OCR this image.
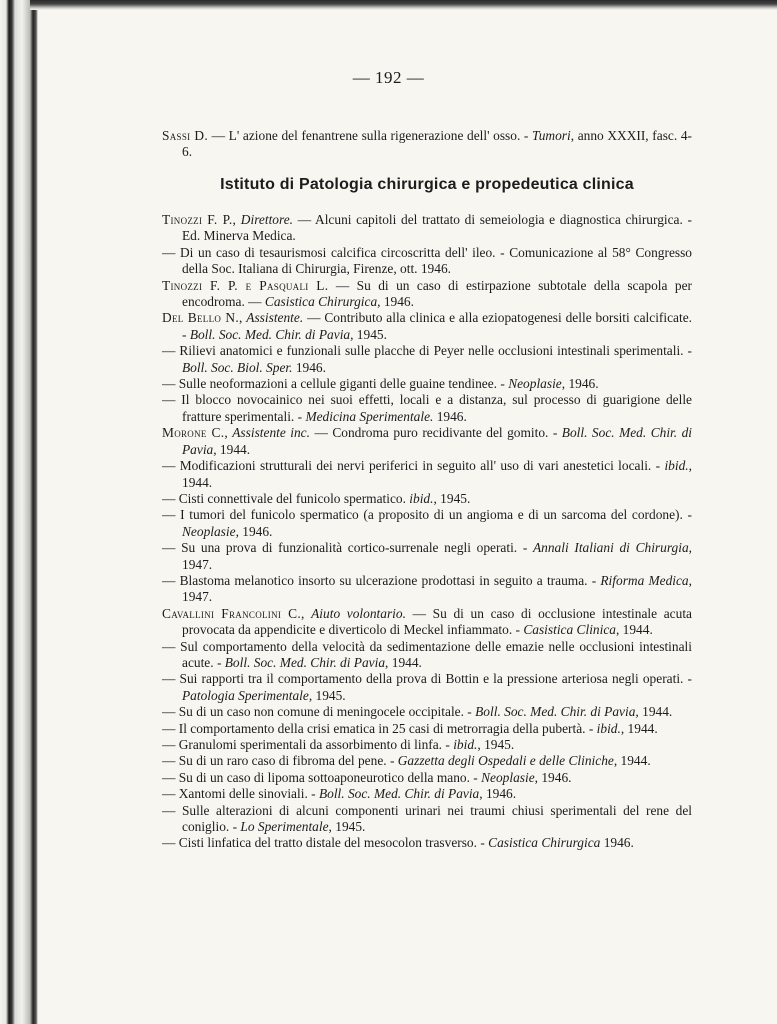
— 192 —

Sassi D. — L' azione del fenantrene sulla rigenerazione dell' osso. - Tumori, anno XXXII, fasc. 4-6.

Istituto di Patologia chirurgica e propedeutica clinica

Tinozzi F. P., Direttore. — Alcuni capitoli del trattato di semeiologia e diagnostica chirurgica. - Ed. Minerva Medica.

— Di un caso di tesaurismosi calcifica circoscritta dell' ileo. - Comunicazione al 58° Congresso della Soc. Italiana di Chirurgia, Firenze, ott. 1946.

Tinozzi F. P. e Pasquali L. — Su di un caso di estirpazione subtotale della scapola per encodroma. — Casistica Chirurgica, 1946.

Del Bello N., Assistente. — Contributo alla clinica e alla eziopatogenesi delle borsiti calcificate. - Boll. Soc. Med. Chir. di Pavia, 1945.

— Rilievi anatomici e funzionali sulle placche di Peyer nelle occlusioni intestinali sperimentali. - Boll. Soc. Biol. Sper. 1946.

— Sulle neoformazioni a cellule giganti delle guaine tendinee. - Neoplasie, 1946.

— Il blocco novocainico nei suoi effetti, locali e a distanza, sul processo di guarigione delle fratture sperimentali. - Medicina Sperimentale. 1946.

Morone C., Assistente inc. — Condroma puro recidivante del gomito. - Boll. Soc. Med. Chir. di Pavia, 1944.

— Modificazioni strutturali dei nervi periferici in seguito all' uso di vari anestetici locali. - ibid., 1944.

— Cisti connettivale del funicolo spermatico. ibid., 1945.

— I tumori del funicolo spermatico (a proposito di un angioma e di un sarcoma del cordone). - Neoplasie, 1946.

— Su una prova di funzionalità cortico-surrenale negli operati. - Annali Italiani di Chirurgia, 1947.

— Blastoma melanotico insorto su ulcerazione prodottasi in seguito a trauma. - Riforma Medica, 1947.

Cavallini Francolini C., Aiuto volontario. — Su di un caso di occlusione intestinale acuta provocata da appendicite e diverticolo di Meckel infiammato. - Casistica Clinica, 1944.

— Sul comportamento della velocità da sedimentazione delle emazie nelle occlusioni intestinali acute. - Boll. Soc. Med. Chir. di Pavia, 1944.

— Sui rapporti tra il comportamento della prova di Bottin e la pressione arteriosa negli operati. - Patologia Sperimentale, 1945.

— Su di un caso non comune di meningocele occipitale. - Boll. Soc. Med. Chir. di Pavia, 1944.

— Il comportamento della crisi ematica in 25 casi di metrorragia della pubertà. - ibid., 1944.

— Granulomi sperimentali da assorbimento di linfa. - ibid., 1945.

— Su di un raro caso di fibroma del pene. - Gazzetta degli Ospedali e delle Cliniche, 1944.

— Su di un caso di lipoma sottoaponeurotico della mano. - Neoplasie, 1946.

— Xantomi delle sinoviali. - Boll. Soc. Med. Chir. di Pavia, 1946.

— Sulle alterazioni di alcuni componenti urinari nei traumi chiusi sperimentali del rene del coniglio. - Lo Sperimentale, 1945.

— Cisti linfatica del tratto distale del mesocolon trasverso. - Casistica Chirurgica 1946.
